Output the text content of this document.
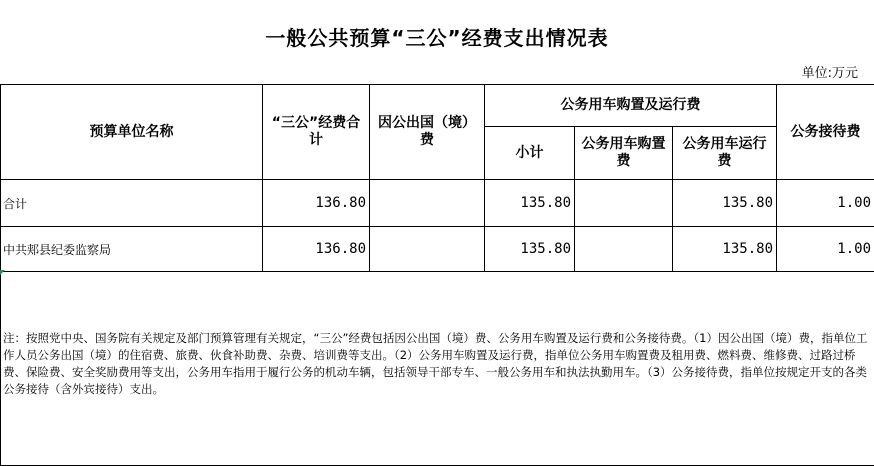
一般公共预算“三公”经费支出情况表
单位:万元
预算单位名称	“三公”经费合计	因公出国（境）费	公务用车购置及运行费			公务接待费
			小计	公务用车购置费	公务用车运行费	
合计	136.80		135.80		135.80	1.00
中共郏县纪委监察局	136.80		135.80		135.80	1.00
注：按照党中央、国务院有关规定及部门预算管理有关规定，“三公”经费包括因公出国（境）费、公务用车购置及运行费和公务接待费。（1）因公出国（境）费，指单位工作人员公务出国（境）的住宿费、旅费、伙食补助费、杂费、培训费等支出。（2）公务用车购置及运行费，指单位公务用车购置费及租用费、燃料费、维修费、过路过桥费、保险费、安全奖励费用等支出，公务用车指用于履行公务的机动车辆，包括领导干部专车、一般公务用车和执法执勤用车。（3）公务接待费，指单位按规定开支的各类公务接待（含外宾接待）支出。						
